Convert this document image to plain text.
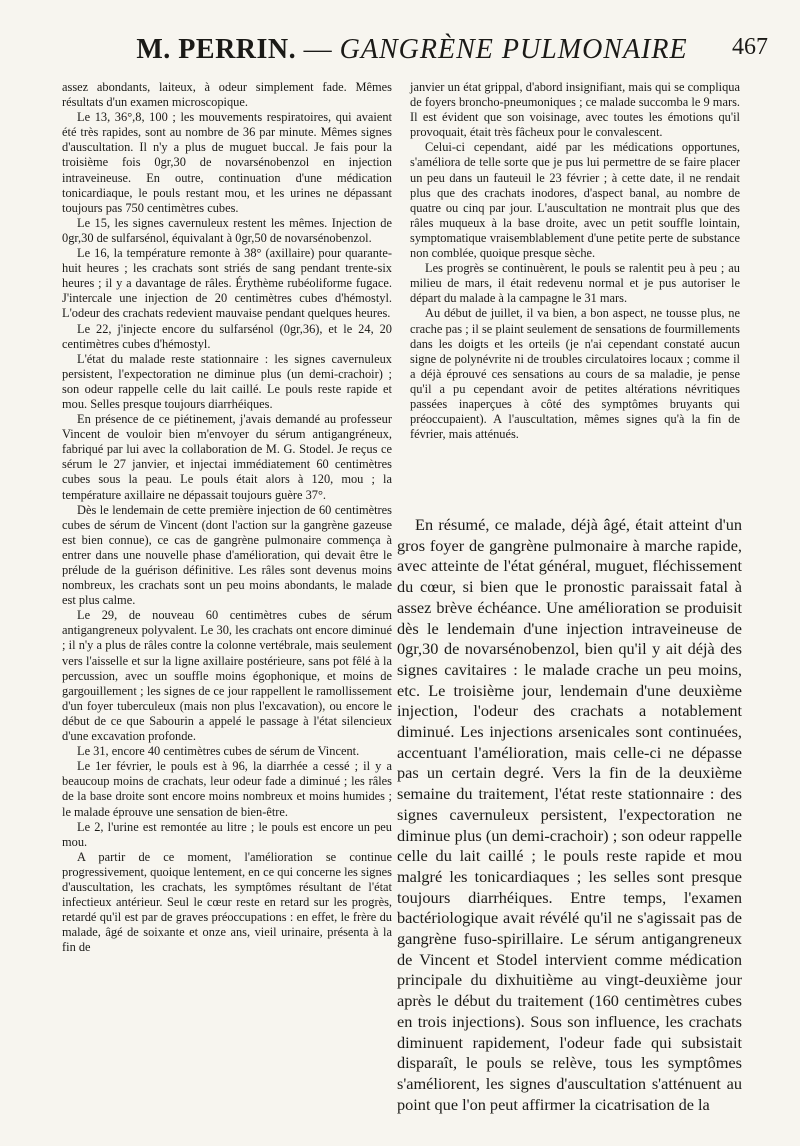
M. PERRIN. — GANGRÈNE PULMONAIRE	467

assez abondants, laiteux, à odeur simplement fade. Mêmes résultats d'un examen microscopique.

Le 13, 36°,8, 100 ; les mouvements respiratoires, qui avaient été très rapides, sont au nombre de 36 par minute. Mêmes signes d'auscultation. Il n'y a plus de muguet buccal. Je fais pour la troisième fois 0gr,30 de novarsénobenzol en injection intraveineuse. En outre, continuation d'une médication tonicardiaque, le pouls restant mou, et les urines ne dépassant toujours pas 750 centimètres cubes.

Le 15, les signes cavernuleux restent les mêmes. Injection de 0gr,30 de sulfarsénol, équivalant à 0gr,50 de novarsénobenzol.

Le 16, la température remonte à 38° (axillaire) pour quarante-huit heures ; les crachats sont striés de sang pendant trente-six heures ; il y a davantage de râles. Érythème rubéoliforme fugace. J'intercale une injection de 20 centimètres cubes d'hémostyl. L'odeur des crachats redevient mauvaise pendant quelques heures.

Le 22, j'injecte encore du sulfarsénol (0gr,36), et le 24, 20 centimètres cubes d'hémostyl.

L'état du malade reste stationnaire : les signes cavernuleux persistent, l'expectoration ne diminue plus (un demi-crachoir) ; son odeur rappelle celle du lait caillé. Le pouls reste rapide et mou. Selles presque toujours diarrhéiques.

En présence de ce piétinement, j'avais demandé au professeur Vincent de vouloir bien m'envoyer du sérum antigangréneux, fabriqué par lui avec la collaboration de M. G. Stodel. Je reçus ce sérum le 27 janvier, et injectai immédiatement 60 centimètres cubes sous la peau. Le pouls était alors à 120, mou ; la température axillaire ne dépassait toujours guère 37°.

Dès le lendemain de cette première injection de 60 centimètres cubes de sérum de Vincent (dont l'action sur la gangrène gazeuse est bien connue), ce cas de gangrène pulmonaire commença à entrer dans une nouvelle phase d'amélioration, qui devait être le prélude de la guérison définitive. Les râles sont devenus moins nombreux, les crachats sont un peu moins abondants, le malade est plus calme.

Le 29, de nouveau 60 centimètres cubes de sérum antigangreneux polyvalent. Le 30, les crachats ont encore diminué ; il n'y a plus de râles contre la colonne vertébrale, mais seulement vers l'aisselle et sur la ligne axillaire postérieure, sans pot fêlé à la percussion, avec un souffle moins égophonique, et moins de gargouillement ; les signes de ce jour rappellent le ramollissement d'un foyer tuberculeux (mais non plus l'excavation), ou encore le début de ce que Sabourin a appelé le passage à l'état silencieux d'une excavation profonde.

Le 31, encore 40 centimètres cubes de sérum de Vincent.

Le 1er février, le pouls est à 96, la diarrhée a cessé ; il y a beaucoup moins de crachats, leur odeur fade a diminué ; les râles de la base droite sont encore moins nombreux et moins humides ; le malade éprouve une sensation de bien-être.

Le 2, l'urine est remontée au litre ; le pouls est encore un peu mou.

A partir de ce moment, l'amélioration se continue progressivement, quoique lentement, en ce qui concerne les signes d'auscultation, les crachats, les symptômes résultant de l'état infectieux antérieur. Seul le cœur reste en retard sur les progrès, retardé qu'il est par de graves préoccupations : en effet, le frère du malade, âgé de soixante et onze ans, vieil urinaire, présenta à la fin de

janvier un état grippal, d'abord insignifiant, mais qui se compliqua de foyers broncho-pneumoniques ; ce malade succomba le 9 mars. Il est évident que son voisinage, avec toutes les émotions qu'il provoquait, était très fâcheux pour le convalescent.

Celui-ci cependant, aidé par les médications opportunes, s'améliora de telle sorte que je pus lui permettre de se faire placer un peu dans un fauteuil le 23 février ; à cette date, il ne rendait plus que des crachats inodores, d'aspect banal, au nombre de quatre ou cinq par jour. L'auscultation ne montrait plus que des râles muqueux à la base droite, avec un petit souffle lointain, symptomatique vraisemblablement d'une petite perte de substance non comblée, quoique presque sèche.

Les progrès se continuèrent, le pouls se ralentit peu à peu ; au milieu de mars, il était redevenu normal et je pus autoriser le départ du malade à la campagne le 31 mars.

Au début de juillet, il va bien, a bon aspect, ne tousse plus, ne crache pas ; il se plaint seulement de sensations de fourmillements dans les doigts et les orteils (je n'ai cependant constaté aucun signe de polynévrite ni de troubles circulatoires locaux ; comme il a déjà éprouvé ces sensations au cours de sa maladie, je pense qu'il a pu cependant avoir de petites altérations névritiques passées inaperçues à côté des symptômes bruyants qui préoccupaient). A l'auscultation, mêmes signes qu'à la fin de février, mais atténués.

En résumé, ce malade, déjà âgé, était atteint d'un gros foyer de gangrène pulmonaire à marche rapide, avec atteinte de l'état général, muguet, fléchissement du cœur, si bien que le pronostic paraissait fatal à assez brève échéance. Une amélioration se produisit dès le lendemain d'une injection intraveineuse de 0gr,30 de novarsénobenzol, bien qu'il y ait déjà des signes cavitaires : le malade crache un peu moins, etc. Le troisième jour, lendemain d'une deuxième injection, l'odeur des crachats a notablement diminué. Les injections arsenicales sont continuées, accentuant l'amélioration, mais celle-ci ne dépasse pas un certain degré. Vers la fin de la deuxième semaine du traitement, l'état reste stationnaire : des signes cavernuleux persistent, l'expectoration ne diminue plus (un demi-crachoir) ; son odeur rappelle celle du lait caillé ; le pouls reste rapide et mou malgré les tonicardiaques ; les selles sont presque toujours diarrhéiques. Entre temps, l'examen bactériologique avait révélé qu'il ne s'agissait pas de gangrène fuso-spirillaire. Le sérum antigangreneux de Vincent et Stodel intervient comme médication principale du dixhuitième au vingt-deuxième jour après le début du traitement (160 centimètres cubes en trois injections). Sous son influence, les crachats diminuent rapidement, l'odeur fade qui subsistait disparaît, le pouls se relève, tous les symptômes s'améliorent, les signes d'auscultation s'atténuent au point que l'on peut affirmer la cicatrisation de la
